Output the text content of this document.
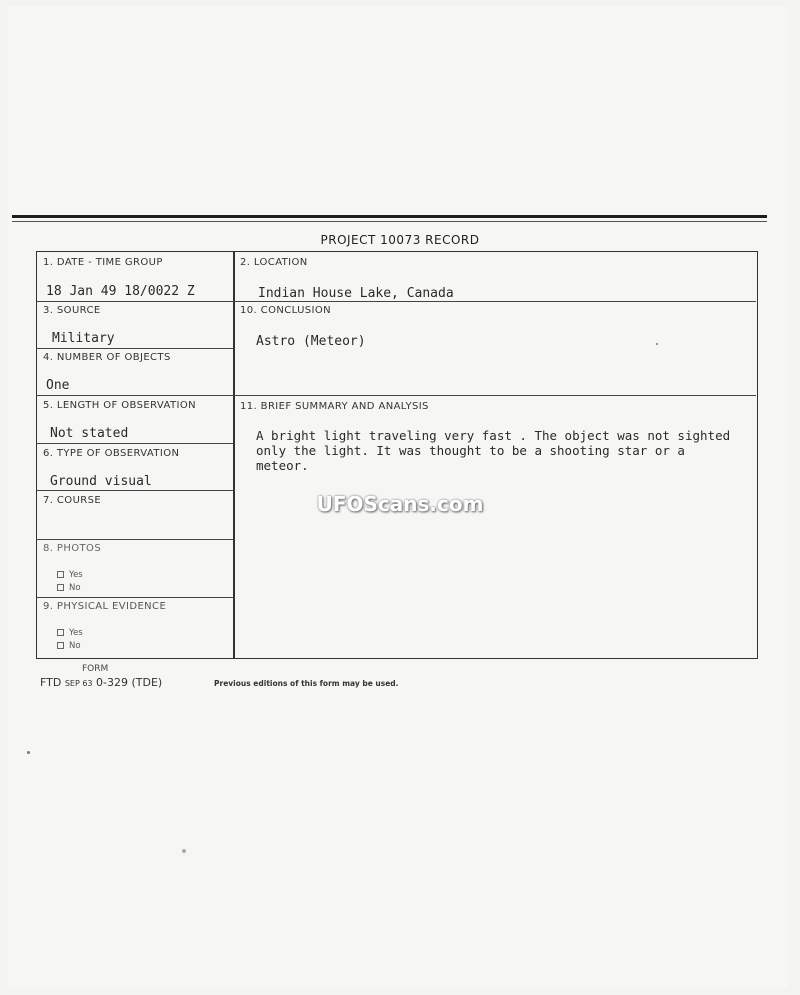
PROJECT 10073 RECORD
1. DATE - TIME GROUP
18 Jan 49 18/0022 Z
2. LOCATION
Indian House Lake, Canada
3. SOURCE
Military
10. CONCLUSION
Astro (Meteor)
4. NUMBER OF OBJECTS
One
5. LENGTH OF OBSERVATION
Not stated
11. BRIEF SUMMARY AND ANALYSIS
A bright light traveling very fast . The object was not sighted
only the light. It was thought to be a shooting star or a
meteor.
6. TYPE OF OBSERVATION
Ground visual
7. COURSE
8. PHOTOS
Yes
No
9. PHYSICAL EVIDENCE
Yes
No
UFOScans.com
FORM
FTD SEP 63 0-329 (TDE)	Previous editions of this form may be used.
